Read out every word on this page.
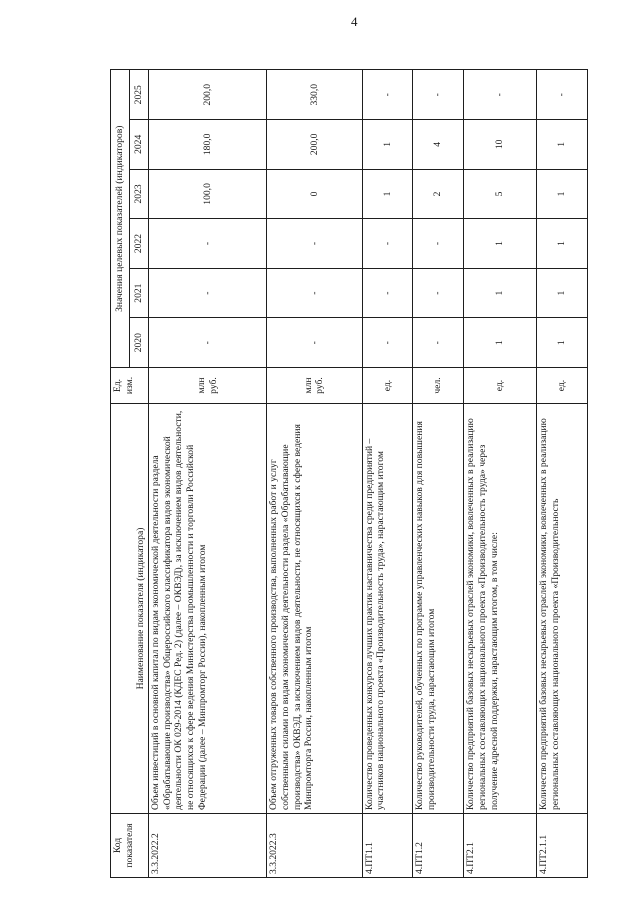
4
Код показателя	Наименование показателя (индикатора)	Ед. изм.	Значения целевых показателей (индикаторов)					
			2020	2021	2022	2023	2024	2025
3.3.2022.2	Объем инвестиций в основной капитал по видам экономической деятельности раздела «Обрабатывающие производства» Общероссийского классификатора видов экономической деятельности ОК 029-2014 (КДЕС Ред. 2) (далее – ОКВЭД), за исключением видов деятельности, не относящихся к сфере ведения Министерства промышленности и торговли Российской Федерации (далее – Минпромторг России), накопленным итогом	млн руб.	-	-	-	100,0	180,0	200,0
3.3.2022.3	Объем отгруженных товаров собственного производства, выполненных работ и услуг собственными силами по видам экономической деятельности раздела «Обрабатывающие производства» ОКВЭД, за исключением видов деятельности, не относящихся к сфере ведения Минпромторга России, накопленным итогом	млн руб.	-	-	-	0	200,0	330,0
4.ПТ1.1	Количество проведенных конкурсов лучших практик наставничества среди предприятий – участников национального проекта «Производительность труда», нарастающим итогом	ед.	-	-	-	1	1	-
4.ПТ1.2	Количество руководителей, обученных по программе управленческих навыков для повышения производительности труда, нарастающим итогом	чел.	-	-	-	2	4	-
4.ПТ2.1	Количество предприятий базовых несырьевых отраслей экономики, вовлеченных в реализацию региональных составляющих национального проекта «Производительность труда» через получение адресной поддержки, нарастающим итогом, в том числе:	ед.	1	1	1	5	10	-
4.ПТ2.1.1	Количество предприятий базовых несырьевых отраслей экономики, вовлеченных в реализацию региональных составляющих национального проекта «Производительность	ед.	1	1	1	1	1	-
